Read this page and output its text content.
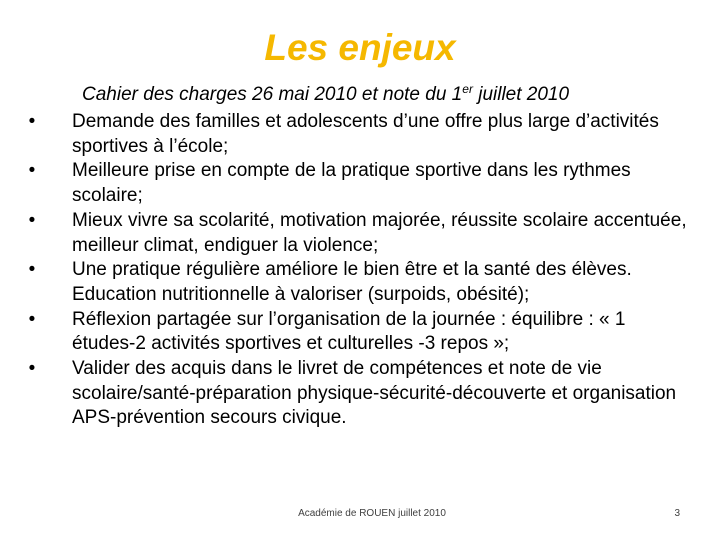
Les enjeux
Cahier des charges 26 mai 2010 et note du 1er juillet 2010
• Demande des familles et adolescents d’une offre plus large d’activités sportives à l’école;
• Meilleure prise en compte de la pratique sportive dans les rythmes scolaire;
• Mieux vivre sa scolarité, motivation majorée, réussite scolaire accentuée, meilleur climat, endiguer la violence;
• Une pratique régulière améliore le bien être et la santé des élèves. Education nutritionnelle à valoriser (surpoids, obésité);
• Réflexion partagée sur l’organisation de la journée : équilibre : « 1 études-2 activités sportives et culturelles -3 repos »;
• Valider des acquis dans le livret de compétences et note de vie scolaire/santé-préparation physique-sécurité-découverte et organisation APS-prévention secours civique.
Académie de ROUEN juillet 2010	3
